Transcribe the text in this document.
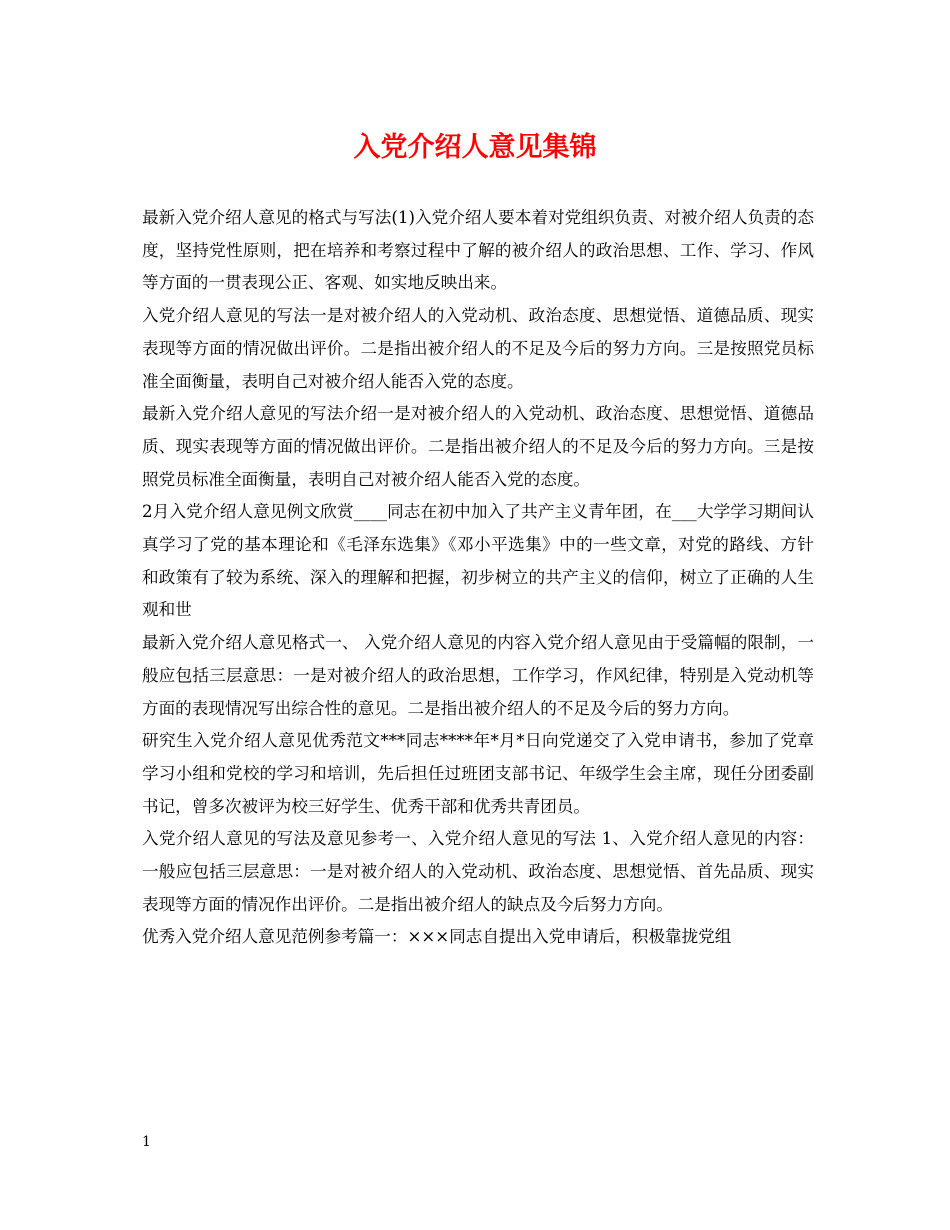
入党介绍人意见集锦

最新入党介绍人意见的格式与写法(1)入党介绍人要本着对党组织负责、对被介绍人负责的态度，坚持党性原则，把在培养和考察过程中了解的被介绍人的政治思想、工作、学习、作风等方面的一贯表现公正、客观、如实地反映出来。

入党介绍人意见的写法一是对被介绍人的入党动机、政治态度、思想觉悟、道德品质、现实表现等方面的情况做出评价。二是指出被介绍人的不足及今后的努力方向。三是按照党员标准全面衡量，表明自己对被介绍人能否入党的态度。

最新入党介绍人意见的写法介绍一是对被介绍人的入党动机、政治态度、思想觉悟、道德品质、现实表现等方面的情况做出评价。二是指出被介绍人的不足及今后的努力方向。三是按照党员标准全面衡量，表明自己对被介绍人能否入党的态度。

2月入党介绍人意见例文欣赏____同志在初中加入了共产主义青年团，在___大学学习期间认真学习了党的基本理论和《毛泽东选集》《邓小平选集》中的一些文章，对党的路线、方针和政策有了较为系统、深入的理解和把握，初步树立的共产主义的信仰，树立了正确的人生观和世

最新入党介绍人意见格式一、 入党介绍人意见的内容入党介绍人意见由于受篇幅的限制，一般应包括三层意思：一是对被介绍人的政治思想，工作学习，作风纪律，特别是入党动机等方面的表现情况写出综合性的意见。二是指出被介绍人的不足及今后的努力方向。

研究生入党介绍人意见优秀范文***同志****年*月*日向党递交了入党申请书，参加了党章学习小组和党校的学习和培训，先后担任过班团支部书记、年级学生会主席，现任分团委副书记，曾多次被评为校三好学生、优秀干部和优秀共青团员。

入党介绍人意见的写法及意见参考一、入党介绍人意见的写法 1、入党介绍人意见的内容：一般应包括三层意思：一是对被介绍人的入党动机、政治态度、思想觉悟、首先品质、现实表现等方面的情况作出评价。二是指出被介绍人的缺点及今后努力方向。

优秀入党介绍人意见范例参考篇一：×××同志自提出入党申请后，积极靠拢党组

1
